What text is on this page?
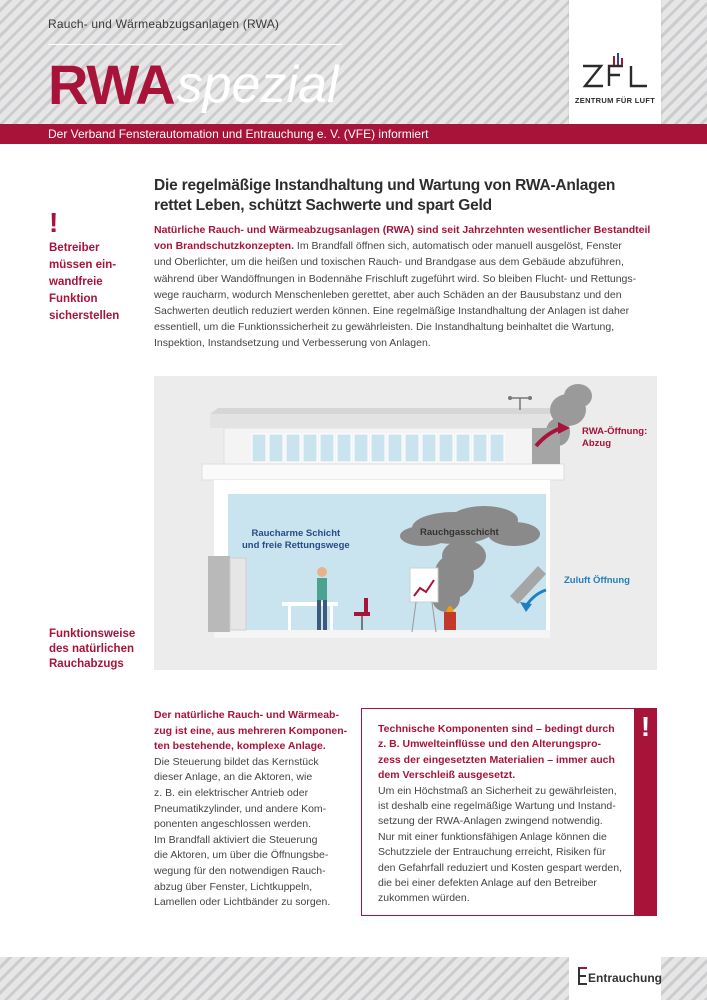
Rauch- und Wärmeabzugsanlagen (RWA)
RWAspezial	ZENTRUM FÜR LUFT
Der Verband Fensterautomation und Entrauchung e. V. (VFE) informiert
Die regelmäßige Instandhaltung und Wartung von RWA-Anlagen
rettet Leben, schützt Sachwerte und spart Geld
!
Betreiber
müssen ein-
wandfreie
Funktion
sicherstellen
Natürliche Rauch- und Wärmeabzugsanlagen (RWA) sind seit Jahrzehnten wesentlicher Bestandteil
von Brandschutzkonzepten. Im Brandfall öffnen sich, automatisch oder manuell ausgelöst, Fenster
und Oberlichter, um die heißen und toxischen Rauch- und Brandgase aus dem Gebäude abzuführen,
während über Wandöffnungen in Bodennähe Frischluft zugeführt wird. So bleiben Flucht- und Rettungs-
wege raucharm, wodurch Menschenleben gerettet, aber auch Schäden an der Bausubstanz und den
Sachwerten deutlich reduziert werden können. Eine regelmäßige Instandhaltung der Anlagen ist daher
essentiell, um die Funktionssicherheit zu gewährleisten. Die Instandhaltung beinhaltet die Wartung,
Inspektion, Instandsetzung und Verbesserung von Anlagen.
Raucharme Schicht
und freie Rettungswege
Rauchgasschicht
RWA-Öffnung:
Abzug
Zuluft Öffnung
Funktionsweise
des natürlichen
Rauchabzugs
Der natürliche Rauch- und Wärmeab-
zug ist eine, aus mehreren Komponen-
ten bestehende, komplexe Anlage.
Die Steuerung bildet das Kernstück
dieser Anlage, an die Aktoren, wie
z. B. ein elektrischer Antrieb oder
Pneumatikzylinder, und andere Kom-
ponenten angeschlossen werden.
Im Brandfall aktiviert die Steuerung
die Aktoren, um über die Öffnungsbe-
wegung für den notwendigen Rauch-
abzug über Fenster, Lichtkuppeln,
Lamellen oder Lichtbänder zu sorgen.
!
Technische Komponenten sind – bedingt durch
z. B. Umwelteinflüsse und den Alterungspro-
zess der eingesetzten Materialien – immer auch
dem Verschleiß ausgesetzt.
Um ein Höchstmaß an Sicherheit zu gewährleisten,
ist deshalb eine regelmäßige Wartung und Instand-
setzung der RWA-Anlagen zwingend notwendig.
Nur mit einer funktionsfähigen Anlage können die
Schutzziele der Entrauchung erreicht, Risiken für
den Gefahrfall reduziert und Kosten gespart werden,
die bei einer defekten Anlage auf den Betreiber
zukommen würden.
Entrauchung
